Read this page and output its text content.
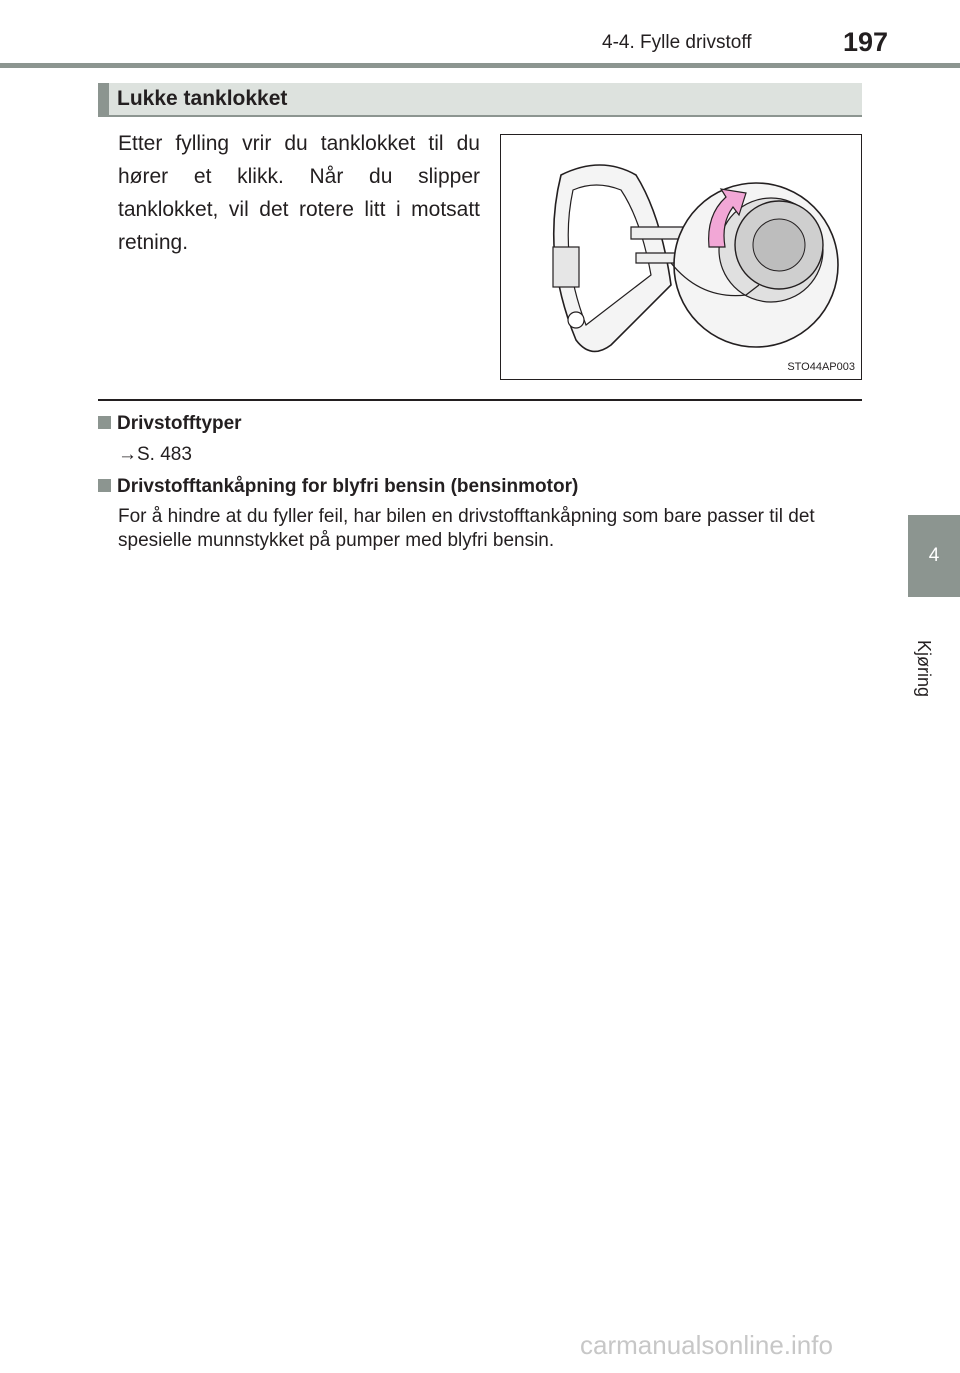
4-4. Fylle drivstoff	197
4
Kjøring
Lukke tanklokket
Etter fylling vrir du tanklokket til du hører et klikk. Når du slipper tanklokket, vil det rotere litt i motsatt retning.
STO44AP003
Drivstofftyper
→S. 483
Drivstofftankåpning for blyfri bensin (bensinmotor)
For å hindre at du fyller feil, har bilen en drivstofftankåpning som bare passer til det spesielle munnstykket på pumper med blyfri bensin.
carmanualsonline.info
